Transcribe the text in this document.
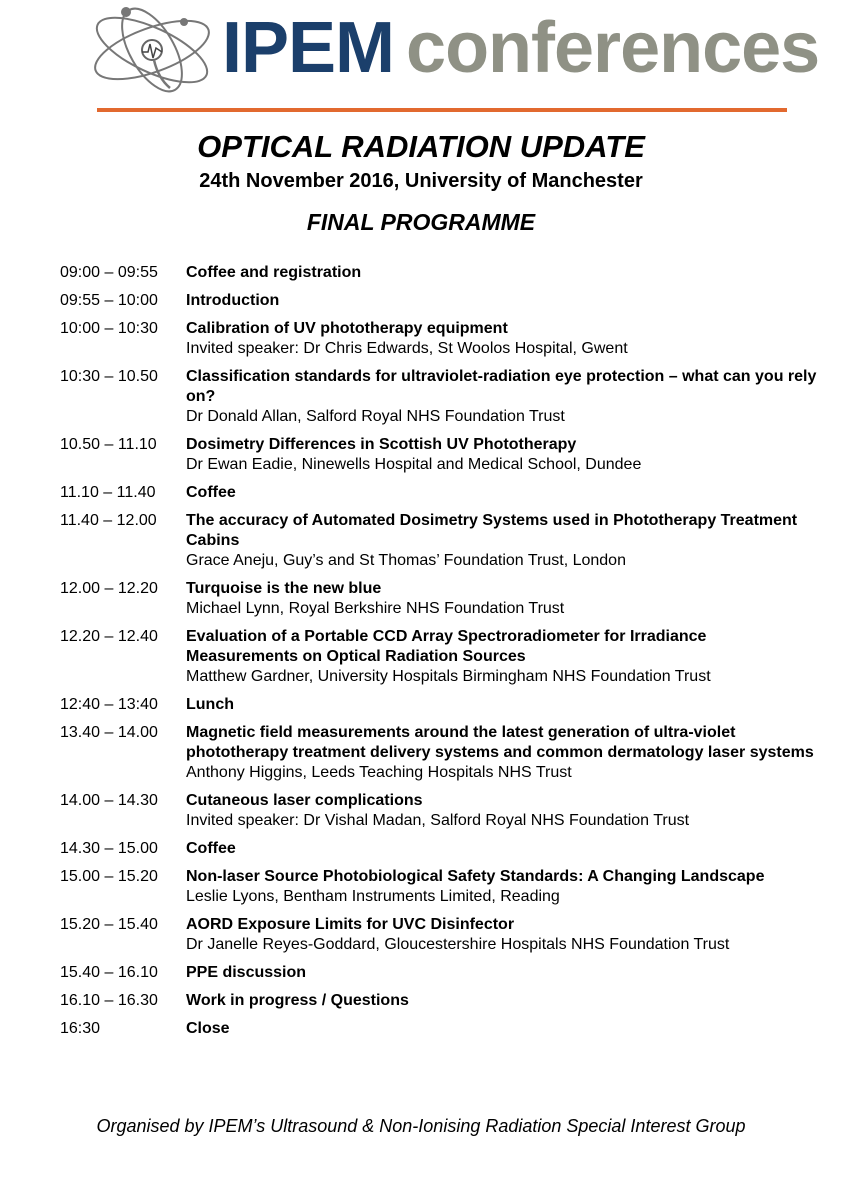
IPEM conferences
OPTICAL RADIATION UPDATE
24th November 2016, University of Manchester
FINAL PROGRAMME
09:00 – 09:55	Coffee and registration
09:55 – 10:00	Introduction
10:00 – 10:30	Calibration of UV phototherapy equipment
Invited speaker: Dr Chris Edwards, St Woolos Hospital, Gwent
10:30 – 10.50	Classification standards for ultraviolet-radiation eye protection – what can you rely on?
Dr Donald Allan, Salford Royal NHS Foundation Trust
10.50 – 11.10	Dosimetry Differences in Scottish UV Phototherapy
Dr Ewan Eadie, Ninewells Hospital and Medical School, Dundee
11.10 – 11.40	Coffee
11.40 – 12.00	The accuracy of Automated Dosimetry Systems used in Phototherapy Treatment Cabins
Grace Aneju, Guy’s and St Thomas’ Foundation Trust, London
12.00 – 12.20	Turquoise is the new blue
Michael Lynn, Royal Berkshire NHS Foundation Trust
12.20 – 12.40	Evaluation of a Portable CCD Array Spectroradiometer for Irradiance Measurements on Optical Radiation Sources
Matthew Gardner, University Hospitals Birmingham NHS Foundation Trust
12:40 – 13:40	Lunch
13.40 – 14.00	Magnetic field measurements around the latest generation of ultra-violet phototherapy treatment delivery systems and common dermatology laser systems
Anthony Higgins, Leeds Teaching Hospitals NHS Trust
14.00 – 14.30	Cutaneous laser complications
Invited speaker: Dr Vishal Madan, Salford Royal NHS Foundation Trust
14.30 – 15.00	Coffee
15.00 – 15.20	Non-laser Source Photobiological Safety Standards: A Changing Landscape
Leslie Lyons, Bentham Instruments Limited, Reading
15.20 – 15.40	AORD Exposure Limits for UVC Disinfector
Dr Janelle Reyes-Goddard, Gloucestershire Hospitals NHS Foundation Trust
15.40 – 16.10	PPE discussion
16.10 – 16.30	Work in progress / Questions
16:30	Close
Organised by IPEM’s Ultrasound & Non-Ionising Radiation Special Interest Group
